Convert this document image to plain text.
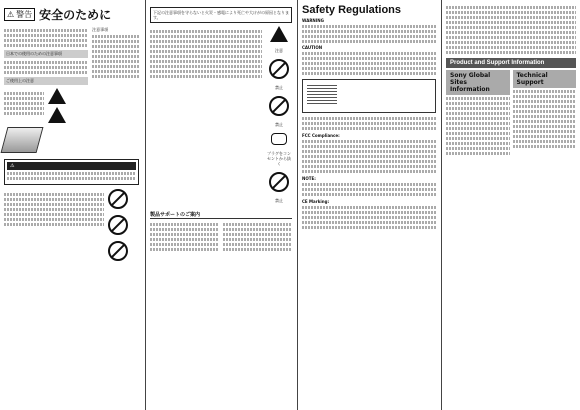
⚠ 警告 安全のために
日本での使用のための注意事項
ご使用上の注意
注意事項
⚠
下記の注意事項を守らないと火災・感電により死亡や大けがの原因となります。
注意
禁止
禁止
プラグをコンセントから抜く
禁止
製品サポートのご案内
Safety Regulations
WARNING
CAUTION
FCC Compliance:
NOTE:
CE Marking:
Product and Support Information
Sony Global Sites Information
Technical Support
